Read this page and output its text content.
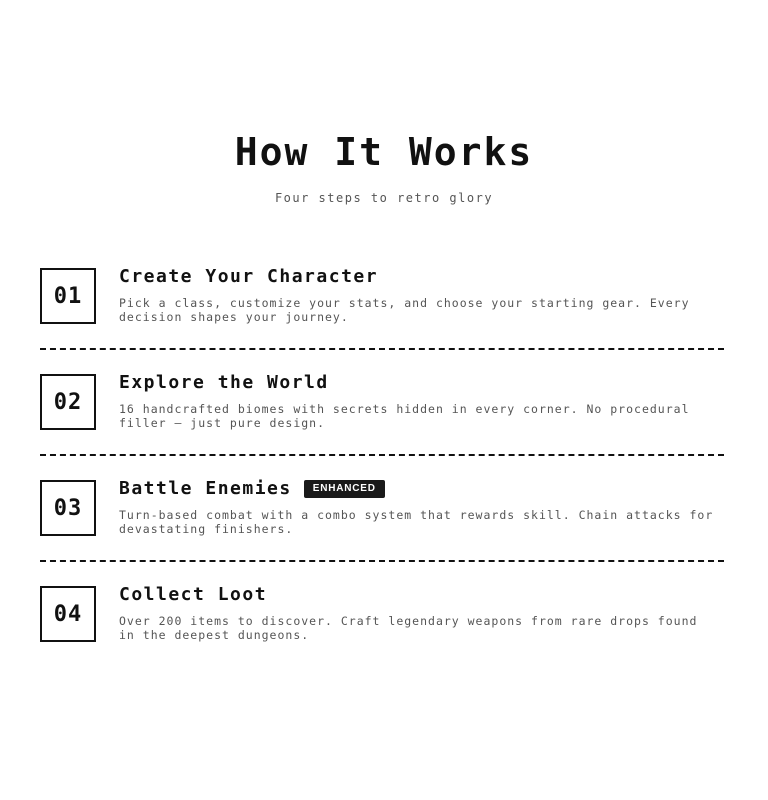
How It Works

Four steps to retro glory

01
Create Your Character

Pick a class, customize your stats, and choose your starting gear. Every decision shapes your journey.

02
Explore the World

16 handcrafted biomes with secrets hidden in every corner. No procedural filler — just pure design.

03
Battle Enemies	ENHANCED

Turn-based combat with a combo system that rewards skill. Chain attacks for devastating finishers.

04
Collect Loot

Over 200 items to discover. Craft legendary weapons from rare drops found in the deepest dungeons.
